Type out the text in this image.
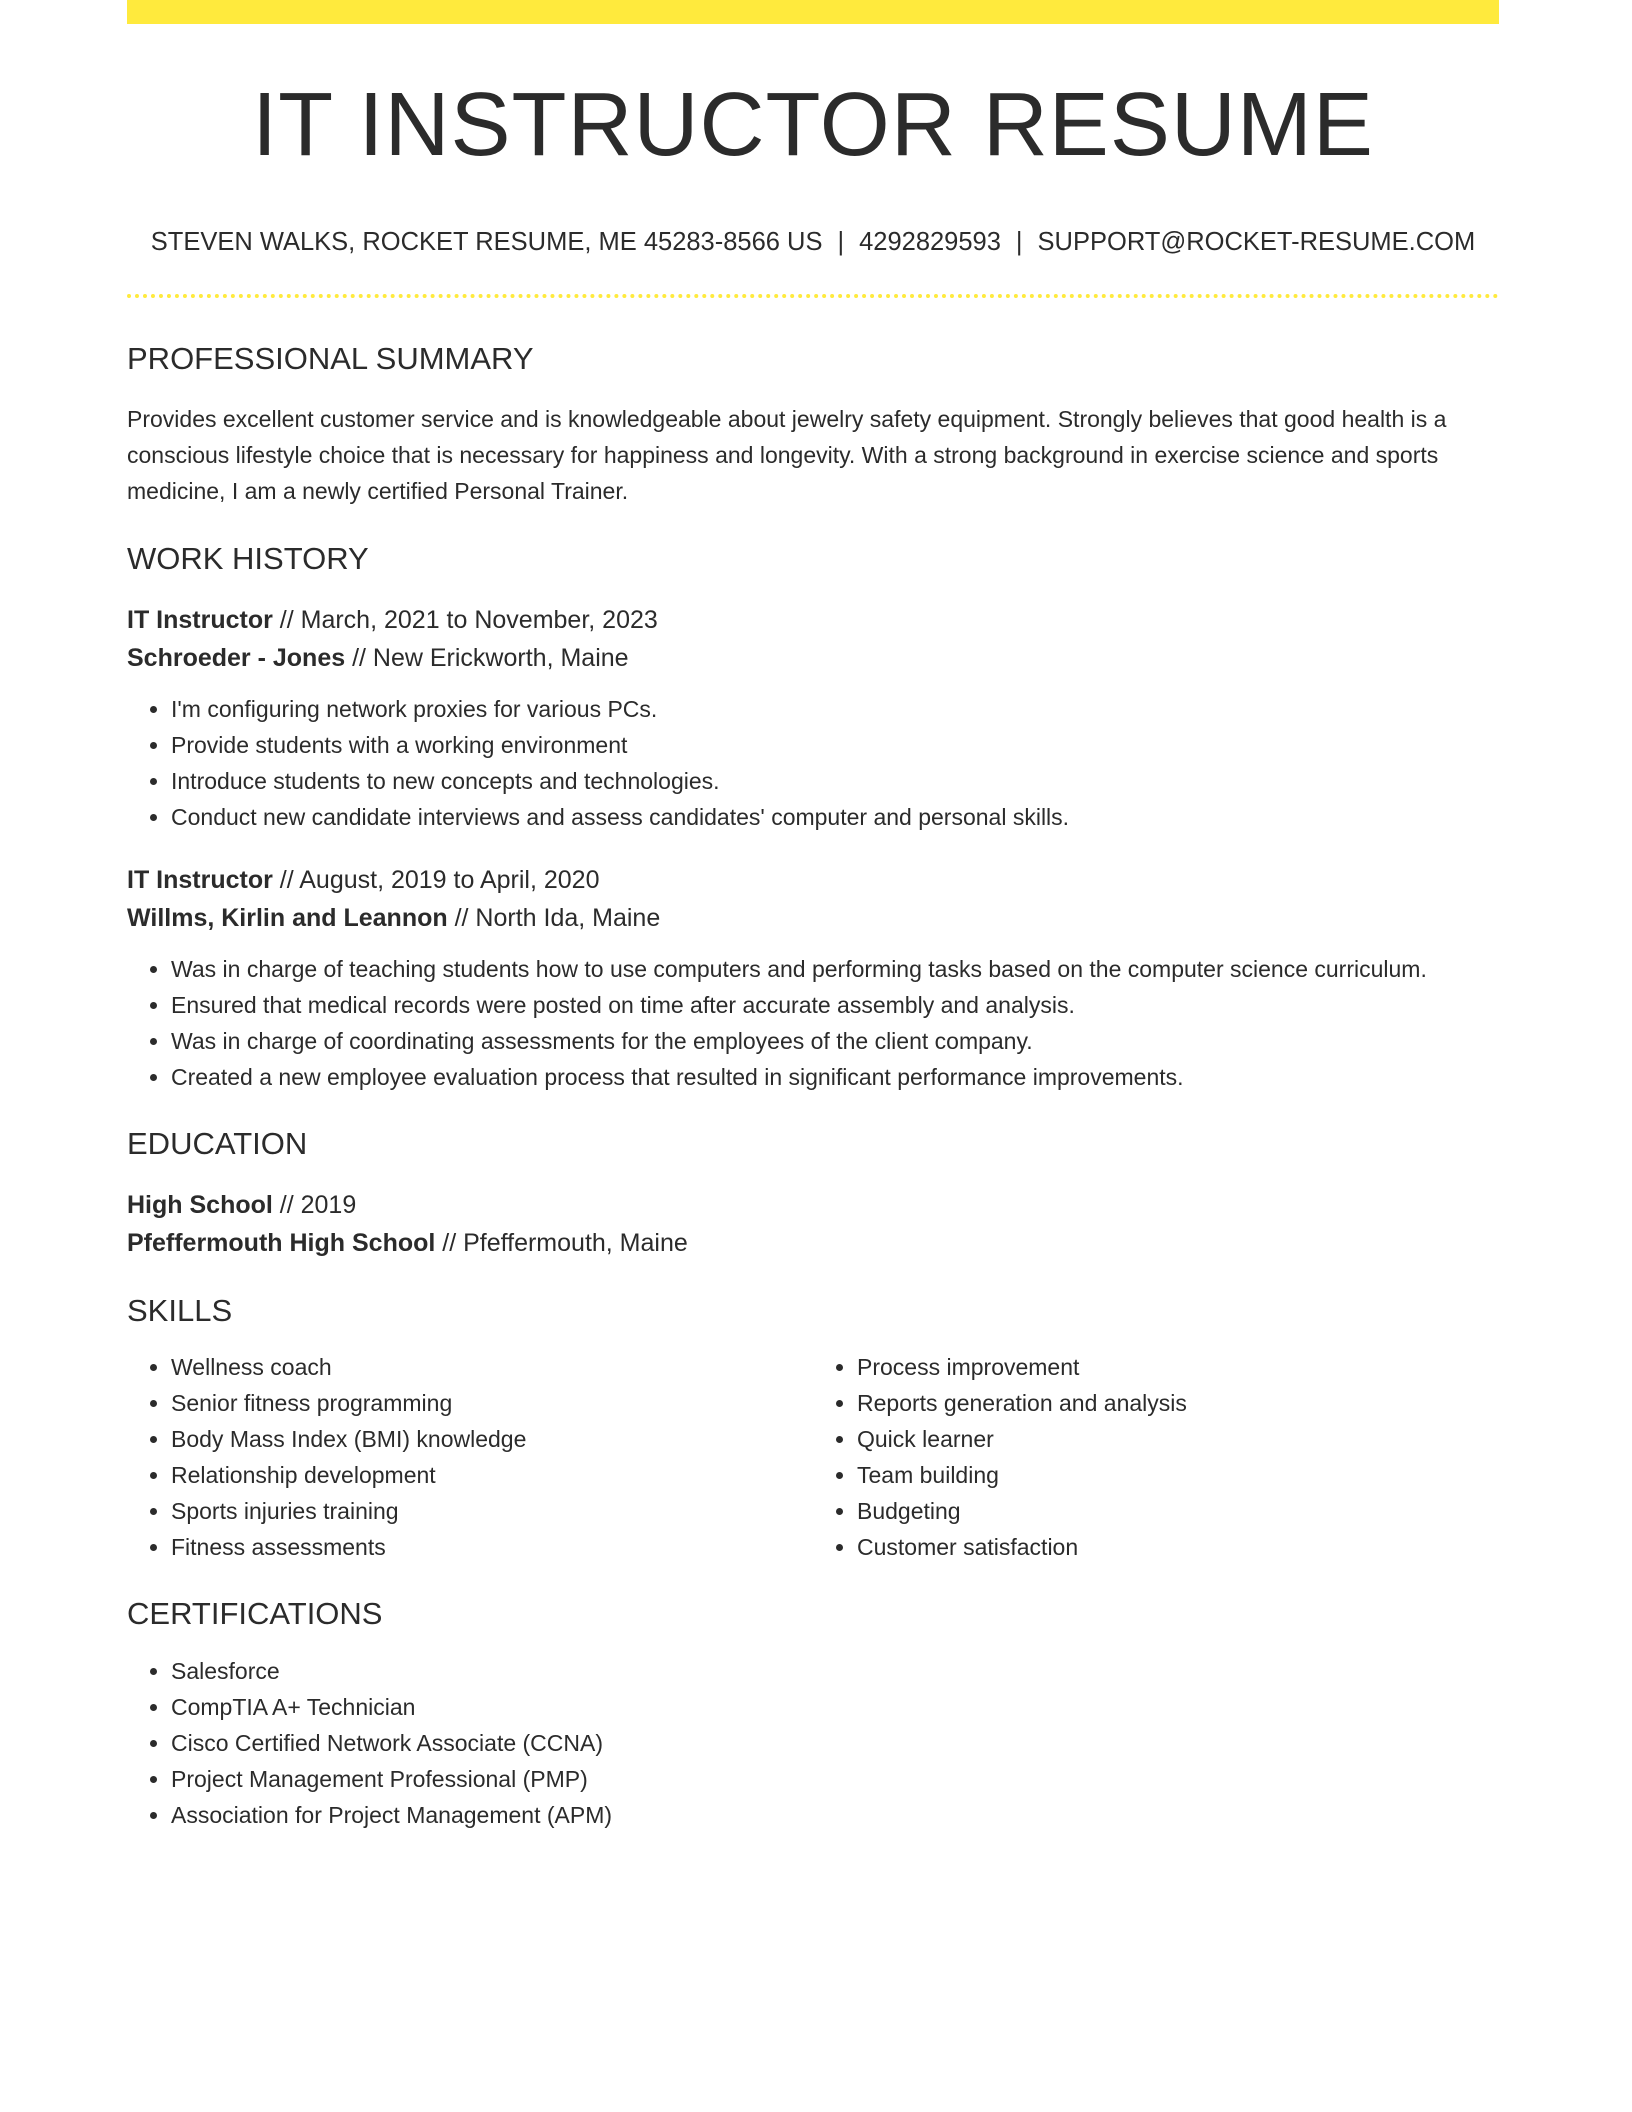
IT INSTRUCTOR RESUME
STEVEN WALKS, ROCKET RESUME, ME 45283-8566 US | 4292829593 | SUPPORT@ROCKET-RESUME.COM
PROFESSIONAL SUMMARY

Provides excellent customer service and is knowledgeable about jewelry safety equipment. Strongly believes that good health is a conscious lifestyle choice that is necessary for happiness and longevity. With a strong background in exercise science and sports medicine, I am a newly certified Personal Trainer.

WORK HISTORY

IT Instructor // March, 2021 to November, 2023

Schroeder - Jones // New Erickworth, Maine

• I'm configuring network proxies for various PCs.
• Provide students with a working environment
• Introduce students to new concepts and technologies.
• Conduct new candidate interviews and assess candidates' computer and personal skills.

IT Instructor // August, 2019 to April, 2020

Willms, Kirlin and Leannon // North Ida, Maine

• Was in charge of teaching students how to use computers and performing tasks based on the computer science curriculum.
• Ensured that medical records were posted on time after accurate assembly and analysis.
• Was in charge of coordinating assessments for the employees of the client company.
• Created a new employee evaluation process that resulted in significant performance improvements.
EDUCATION

High School // 2019

Pfeffermouth High School // Pfeffermouth, Maine

SKILLS
• Wellness coach
• Senior fitness programming
• Body Mass Index (BMI) knowledge
• Relationship development
• Sports injuries training
• Fitness assessments
• Process improvement
• Reports generation and analysis
• Quick learner
• Team building
• Budgeting
• Customer satisfaction
CERTIFICATIONS
• Salesforce
• CompTIA A+ Technician
• Cisco Certified Network Associate (CCNA)
• Project Management Professional (PMP)
• Association for Project Management (APM)
